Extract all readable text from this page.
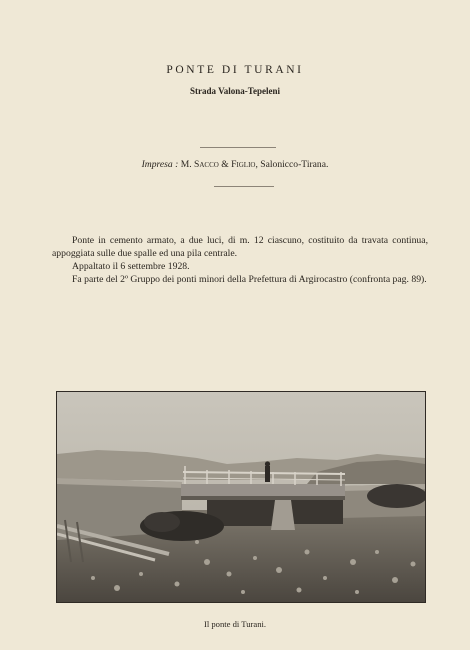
PONTE DI TURANI
Strada Valona-Tepeleni
Impresa : M. Sacco & Figlio, Salonicco-Tirana.

Ponte in cemento armato, a due luci, di m. 12 ciascuno, costituito da travata continua, appoggiata sulle due spalle ed una pila centrale.

Appaltato il 6 settembre 1928.

Fa parte del 2º Gruppo dei ponti minori della Prefettura di Argirocastro (confronta pag. 89).

Il ponte di Turani.
